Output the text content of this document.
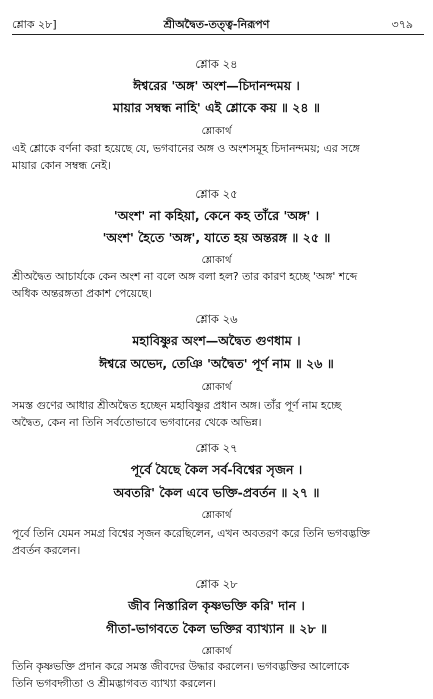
শ্লোক ২৮]	শ্রীঅদ্বৈত-তত্ত্ব-নিরূপণ	৩৭৯
শ্লোক ২৪
ঈশ্বরের 'অঙ্গ' অংশ—চিদানন্দময় ।
মায়ার সম্বন্ধ নাহি' এই শ্লোকে কয় ॥ ২৪ ॥
শ্লোকার্থ
এই শ্লোকে বর্ণনা করা হয়েছে যে, ভগবানের অঙ্গ ও অংশসমূহ চিদানন্দময়; এর সঙ্গে
মায়ার কোন সম্বন্ধ নেই।
শ্লোক ২৫
'অংশ' না কহিয়া, কেনে কহ তাঁরে 'অঙ্গ' ।
'অংশ' হৈতে 'অঙ্গ', যাতে হয় অন্তরঙ্গ ॥ ২৫ ॥
শ্লোকার্থ
শ্রীঅদ্বৈত আচার্যকে কেন অংশ না বলে অঙ্গ বলা হল? তার কারণ হচ্ছে 'অঙ্গ' শব্দে
অধিক অন্তরঙ্গতা প্রকাশ পেয়েছে।
শ্লোক ২৬
মহাবিষ্ণুর অংশ—অদ্বৈত গুণধাম ।
ঈশ্বরে অভেদ, তেঞি 'অদ্বৈত' পূর্ণ নাম ॥ ২৬ ॥
শ্লোকার্থ
সমস্ত গুণের আধার শ্রীঅদ্বৈত হচ্ছেন মহাবিষ্ণুর প্রধান অঙ্গ। তাঁর পূর্ণ নাম হচ্ছে
অদ্বৈত, কেন না তিনি সর্বতোভাবে ভগবানের থেকে অভিন্ন।
শ্লোক ২৭
পূর্বে যৈছে কৈল সর্ব-বিশ্বের সৃজন ।
অবতরি' কৈল এবে ভক্তি-প্রবর্তন ॥ ২৭ ॥
শ্লোকার্থ
পূর্বে তিনি যেমন সমগ্র বিশ্বের সৃজন করেছিলেন, এখন অবতরণ করে তিনি ভগবদ্ভক্তি
প্রবর্তন করলেন।
শ্লোক ২৮
জীব নিস্তারিল কৃষ্ণভক্তি করি' দান ।
গীতা-ভাগবতে কৈল ভক্তির ব্যাখ্যান ॥ ২৮ ॥
শ্লোকার্থ
তিনি কৃষ্ণভক্তি প্রদান করে সমস্ত জীবদের উদ্ধার করলেন। ভগবদ্ভক্তির আলোকে
তিনি ভগবদ্গীতা ও শ্রীমদ্ভাগবত ব্যাখ্যা করলেন।
